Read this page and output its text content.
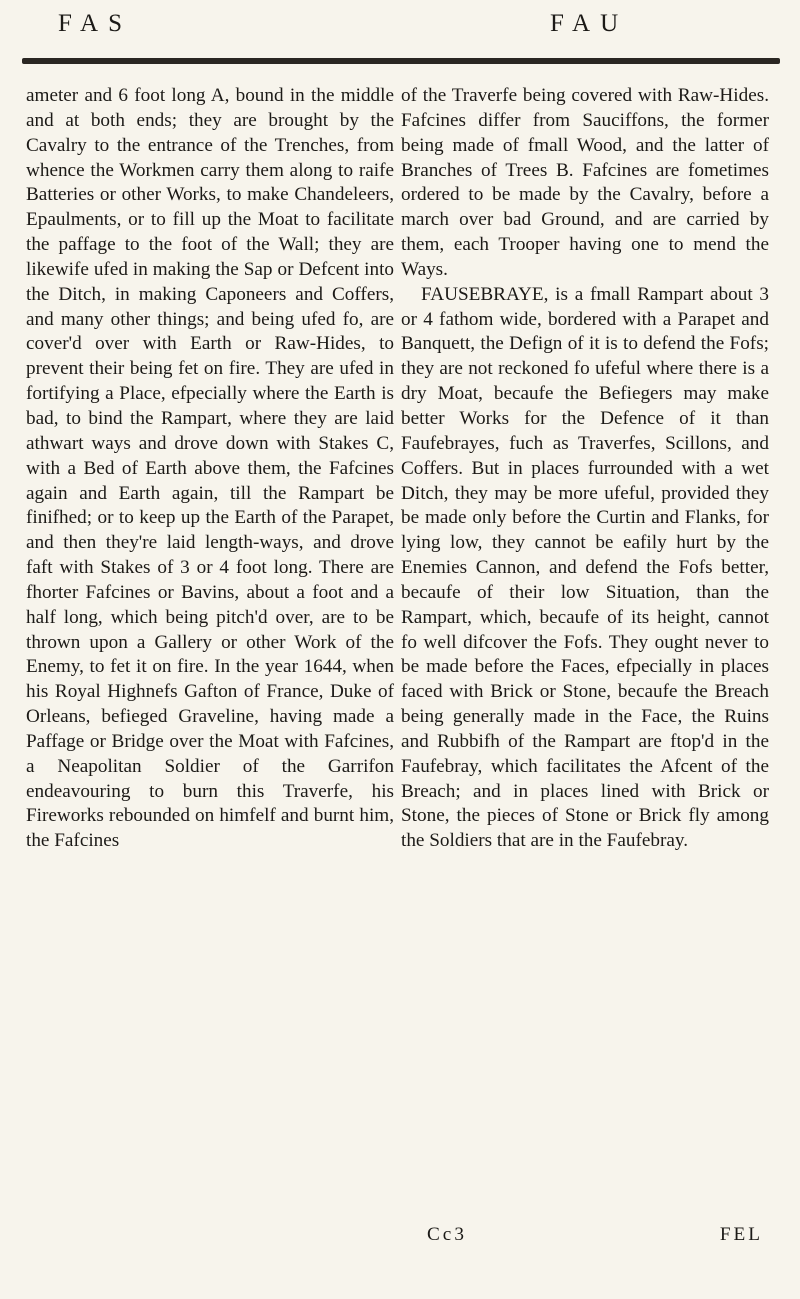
FAS	FAU

ameter and 6 foot long A, bound in the middle and at both ends; they are brought by the Cavalry to the entrance of the Trenches, from whence the Workmen carry them along to raife Batteries or other Works, to make Chandeleers, Epaulments, or to fill up the Moat to facilitate the paffage to the foot of the Wall; they are likewife ufed in making the Sap or Defcent into the Ditch, in making Caponeers and Coffers, and many other things; and being ufed fo, are cover'd over with Earth or Raw-Hides, to prevent their being fet on fire. They are ufed in fortifying a Place, efpecially where the Earth is bad, to bind the Rampart, where they are laid athwart ways and drove down with Stakes C, with a Bed of Earth above them, the Fafcines again and Earth again, till the Rampart be finifhed; or to keep up the Earth of the Parapet, and then they're laid length-ways, and drove faft with Stakes of 3 or 4 foot long. There are fhorter Fafcines or Bavins, about a foot and a half long, which being pitch'd over, are to be thrown upon a Gallery or other Work of the Enemy, to fet it on fire. In the year 1644, when his Royal Highnefs Gafton of France, Duke of Orleans, befieged Graveline, having made a Paffage or Bridge over the Moat with Fafcines, a Neapolitan Soldier of the Garrifon endeavouring to burn this Traverfe, his Fireworks rebounded on himfelf and burnt him, the Fafcines

of the Traverfe being covered with Raw-Hides. Fafcines differ from Sauciffons, the former being made of fmall Wood, and the latter of Branches of Trees B. Fafcines are fometimes ordered to be made by the Cavalry, before a march over bad Ground, and are carried by them, each Trooper having one to mend the Ways.

FAUSEBRAYE, is a fmall Rampart about 3 or 4 fathom wide, bordered with a Parapet and Banquett, the Defign of it is to defend the Fofs; they are not reckoned fo ufeful where there is a dry Moat, becaufe the Befiegers may make better Works for the Defence of it than Faufebrayes, fuch as Traverfes, Scillons, and Coffers. But in places furrounded with a wet Ditch, they may be more ufeful, provided they be made only before the Curtin and Flanks, for lying low, they cannot be eafily hurt by the Enemies Cannon, and defend the Fofs better, becaufe of their low Situation, than the Rampart, which, becaufe of its height, cannot fo well difcover the Fofs. They ought never to be made before the Faces, efpecially in places faced with Brick or Stone, becaufe the Breach being generally made in the Face, the Ruins and Rubbifh of the Rampart are ftop'd in the Faufebray, which facilitates the Afcent of the Breach; and in places lined with Brick or Stone, the pieces of Stone or Brick fly among the Soldiers that are in the Faufebray.

Cc3	FEL
